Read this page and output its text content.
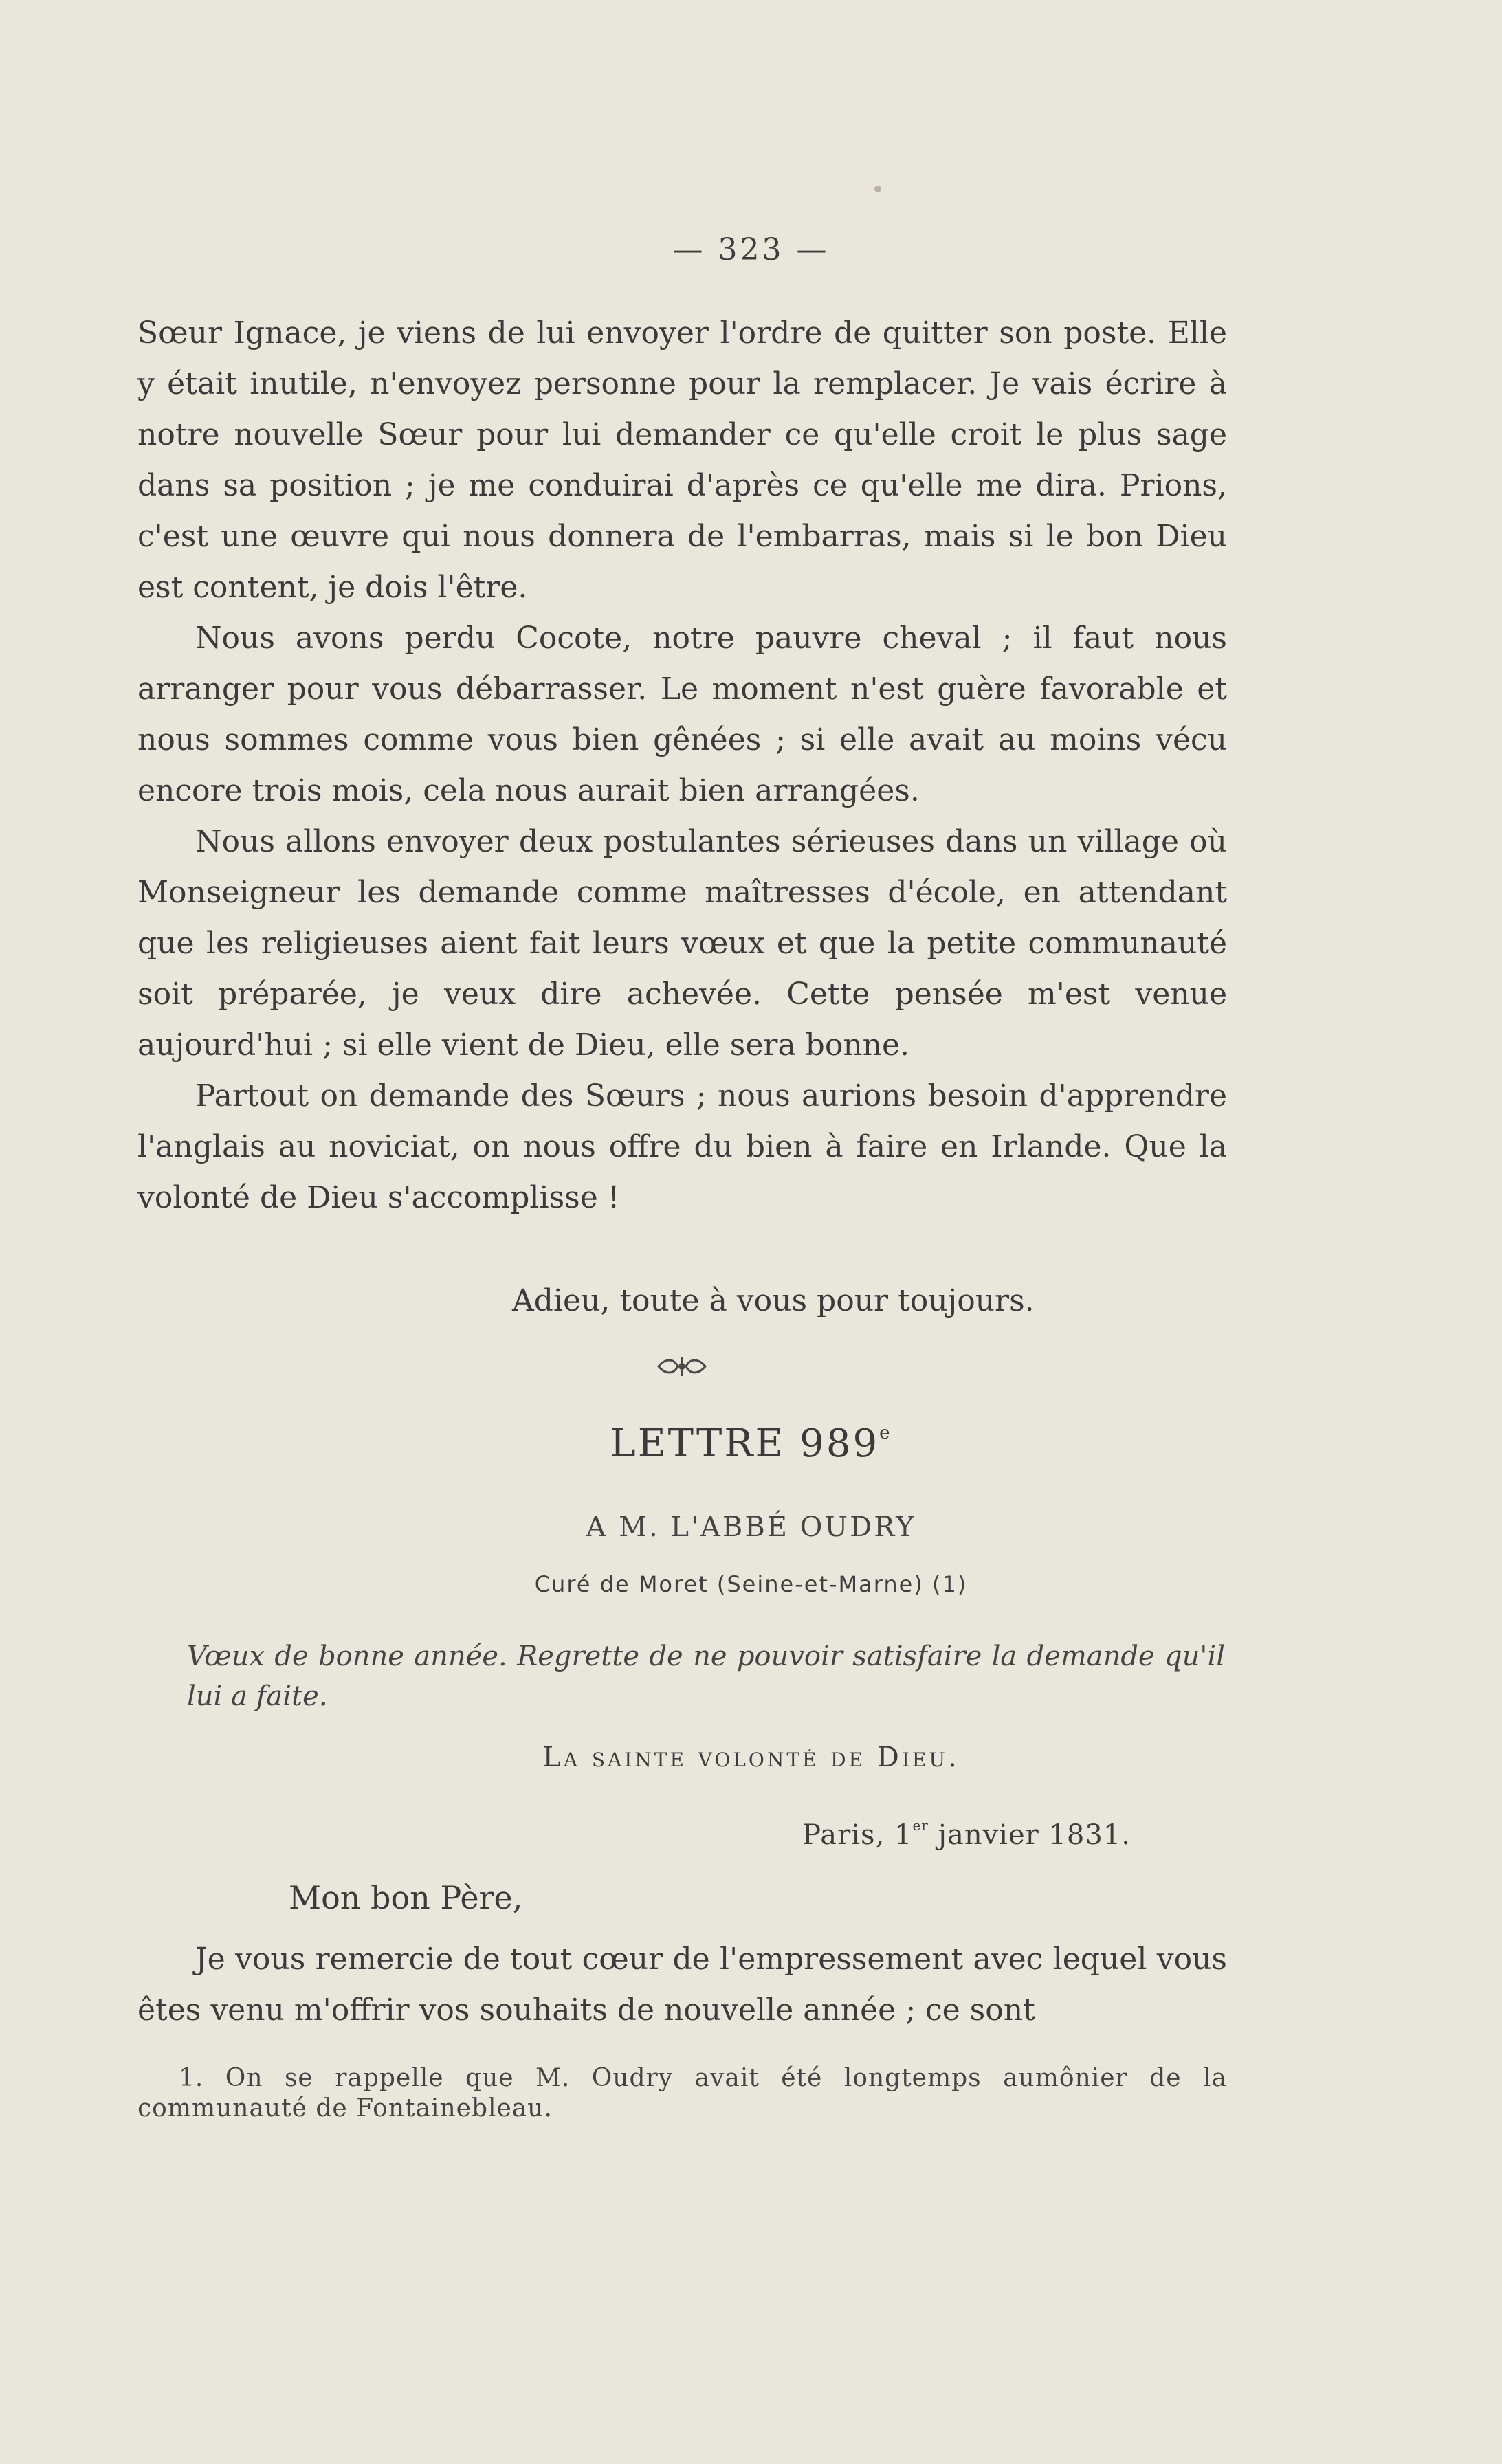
— 323 —

Sœur Ignace, je viens de lui envoyer l'ordre de quitter son poste. Elle y était inutile, n'envoyez personne pour la remplacer. Je vais écrire à notre nouvelle Sœur pour lui demander ce qu'elle croit le plus sage dans sa position ; je me conduirai d'après ce qu'elle me dira. Prions, c'est une œuvre qui nous donnera de l'embarras, mais si le bon Dieu est content, je dois l'être.

Nous avons perdu Cocote, notre pauvre cheval ; il faut nous arranger pour vous débarrasser. Le moment n'est guère favorable et nous sommes comme vous bien gênées ; si elle avait au moins vécu encore trois mois, cela nous aurait bien arrangées.

Nous allons envoyer deux postulantes sérieuses dans un village où Monseigneur les demande comme maîtresses d'école, en attendant que les religieuses aient fait leurs vœux et que la petite communauté soit préparée, je veux dire achevée. Cette pensée m'est venue aujourd'hui ; si elle vient de Dieu, elle sera bonne.

Partout on demande des Sœurs ; nous aurions besoin d'apprendre l'anglais au noviciat, on nous offre du bien à faire en Irlande. Que la volonté de Dieu s'accomplisse !

Adieu, toute à vous pour toujours.
LETTRE 989e
A M. L'ABBÉ OUDRY
Curé de Moret (Seine-et-Marne) (1)
Vœux de bonne année. Regrette de ne pouvoir satisfaire la demande qu'il lui a faite.
La sainte volonté de Dieu.
Paris, 1er janvier 1831.
Mon bon Père,

Je vous remercie de tout cœur de l'empressement avec lequel vous êtes venu m'offrir vos souhaits de nouvelle année ; ce sont

1. On se rappelle que M. Oudry avait été longtemps aumônier de la communauté de Fontainebleau.
